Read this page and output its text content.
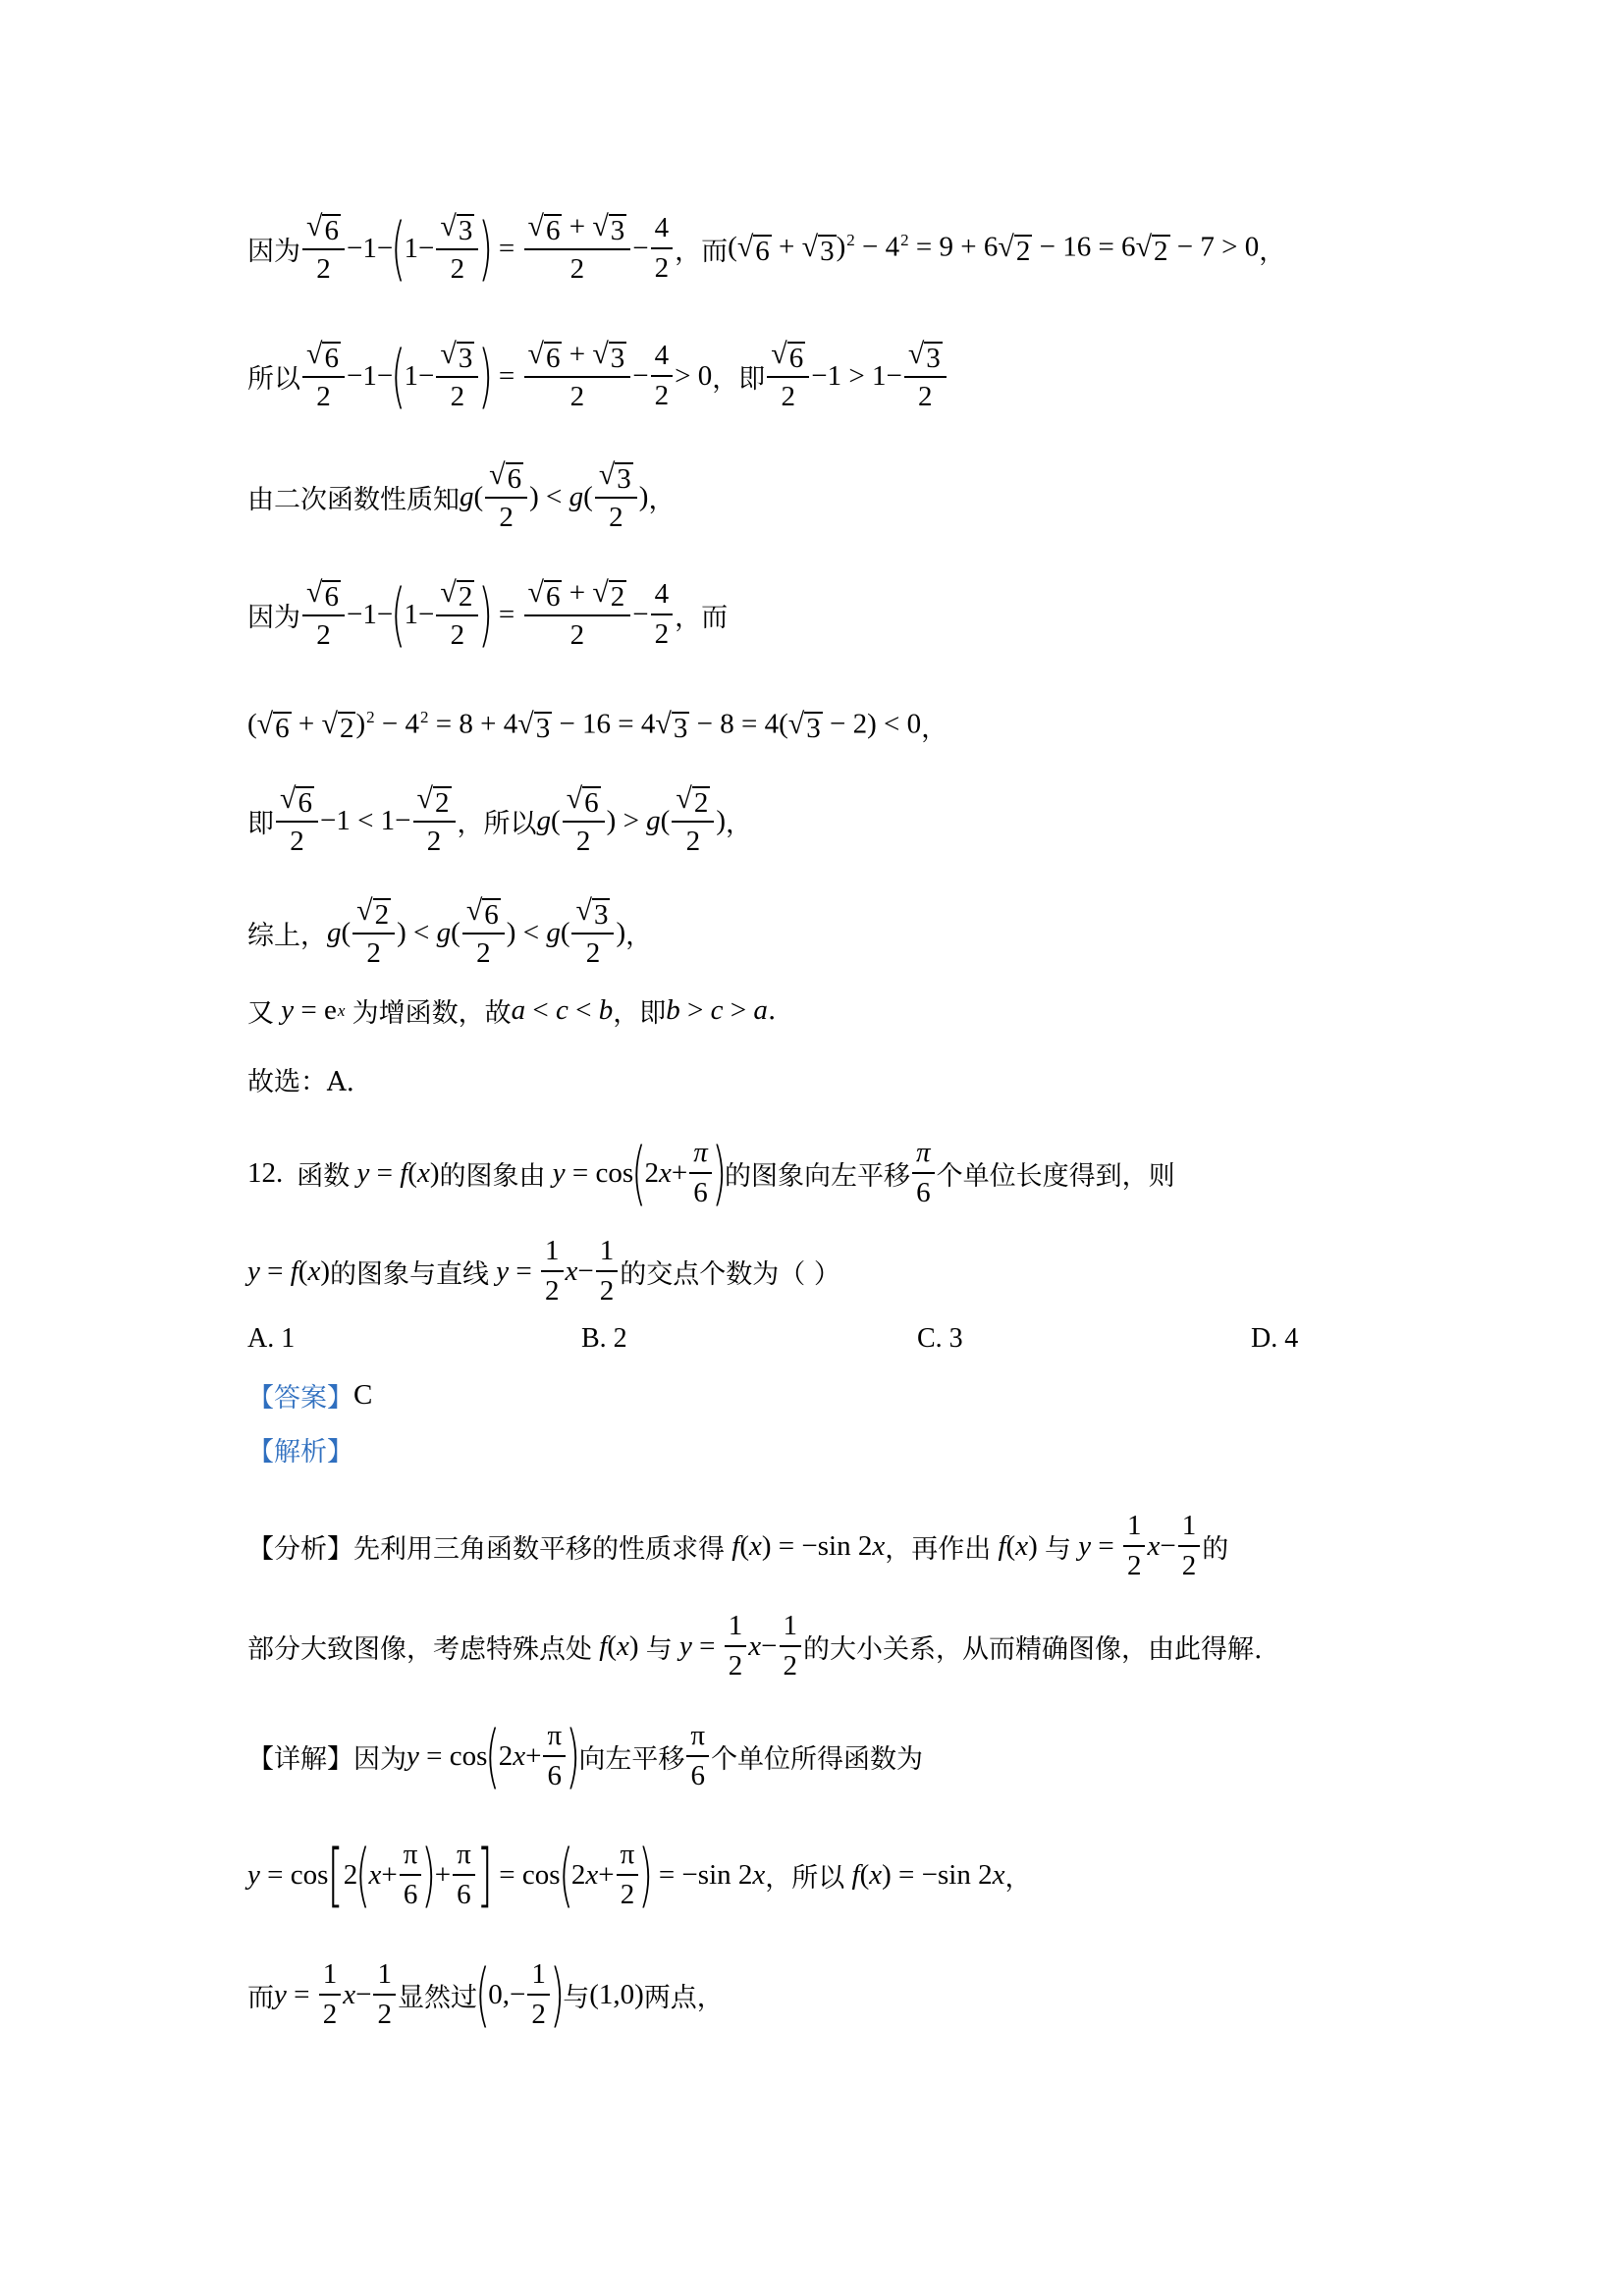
因为 $\frac{√ 6}{2} -1-$
(
$1- \frac{√ 3}{2}$ )
= $\frac{√ 6 + √ 3}{2} - \frac{4}{2}$ ，而 ( √ 6 + √ 3 )$^2 - 4^2 = 9 + 6$ √ 2 − 16 = 6 √ 2 − 7 > 0 ，
所以 $\frac{√ 6}{2} -1-$
(
$1- \frac{√ 3}{2}$ )
= $\frac{√ 6 + √ 3}{2} - \frac{4}{2} > 0$ ，即 $\frac{√ 6}{2} -1 > 1- \frac{√ 3}{2}$
由二次函数性质知 g ( $\frac{√ 6}{2}$ ) < g ( $\frac{√ 3}{2}$ ) ，
因为 $\frac{√ 6}{2} -1-$
(
$1- \frac{√ 2}{2}$ )
= $\frac{√ 6 + √ 2}{2} - \frac{4}{2}$ ，而
( √ 6 + √ 2 )$^2 - 4^2 = 8 + 4$ √ 3 − 16 = 4 √ 3 − 8 = 4( √ 3 − 2) < 0 ，
即 $\frac{√ 6}{2} -1 < 1- \frac{√ 2}{2}$ ，所以 g ( $\frac{√ 6}{2}$ ) > g ( $\frac{√ 2}{2}$ ) ，
综上， g ( $\frac{√ 2}{2}$ ) < g ( $\frac{√ 6}{2}$ ) < g ( $\frac{√ 3}{2}$ ) ，
又 y = e x
为增函数，故 a < c < b ，即 b > c > a .
故选：A.
12. 函数 y = f ( x ) 的图象由 y = cos
(
2 $x + \frac{\pi}{6}$ )
的图象向左平移 $\frac{\pi}{6}$ 个单位长度得到，则
y = f ( x ) 的图象与直线 $y = \frac{1}{2}$ $x - \frac{1}{2}$ 的交点个数为（ ）
A. 1	B. 2	C. 3	D. 4
【答案】 C
【解析】
【分析】 先利用三角函数平移的性质求得 f ( x ) = −sin 2 x ，再作出 f ( x ) 与 $y = \frac{1}{2}$ $x - \frac{1}{2}$ 的
部分大致图像，考虑特殊点处 f ( x ) 与 $y = \frac{1}{2}$ $x - \frac{1}{2}$ 的大小关系，从而精确图像，由此得解.
【详解】 因为 y = cos
(
2 $x + \frac{\pi}{6}$ )
向左平移 $\frac{\pi}{6}$ 个单位所得函数为
y = cos [ 2
(
$x + \frac{\pi}{6}$ )
+ $\frac{\pi}{6}$ ] = cos
(
2 $x + \frac{\pi}{2}$ )
= −sin 2 x ，所以 f ( x ) = −sin 2 x ，
而 $y = \frac{1}{2}$ $x - \frac{1}{2}$ 显然过
(
$0,- \frac{1}{2}$ )
与 (1,0) 两点，
